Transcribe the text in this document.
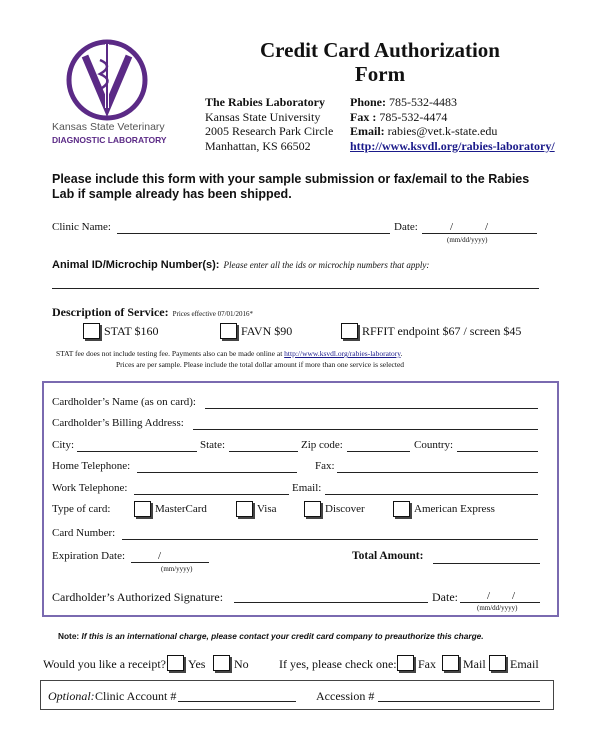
Kansas State Veterinary
DIAGNOSTIC LABORATORY
Credit Card Authorization
Form
The Rabies Laboratory
Kansas State University
2005 Research Park Circle
Manhattan, KS 66502
Phone: 785-532-4483
Fax : 785-532-4474
Email: rabies@vet.k-state.edu
http://www.ksvdl.org/rabies-laboratory/
Please include this form with your sample submission or fax/email to the Rabies
Lab if sample already has been shipped.
Clinic Name:	Date:	/	/
(mm/dd/yyyy)
Animal ID/Microchip Number(s): Please enter all the ids or microchip numbers that apply:
Description of Service: Prices effective 07/01/2016*
STAT $160	FAVN $90	RFFIT endpoint $67 / screen $45
STAT fee does not include testing fee. Payments also can be made online at http://www.ksvdl.org/rabies-laboratory.
Prices are per sample. Please include the total dollar amount if more than one service is selected
Cardholder’s Name (as on card):
Cardholder’s Billing Address:
City:	State:	Zip code:	Country:
Home Telephone:	Fax:
Work Telephone:	Email:
Type of card:	MasterCard	Visa	Discover	American Express
Card Number:
Expiration Date:	/
(mm/yyyy)
Total Amount:
Cardholder’s Authorized Signature:	Date:	/ /
(mm/dd/yyyy)
Note: If this is an international charge, please contact your credit card company to preauthorize this charge.
Would you like a receipt? Yes No	If yes, please check one: Fax Mail Email
Optional: Clinic Account #	Accession #
